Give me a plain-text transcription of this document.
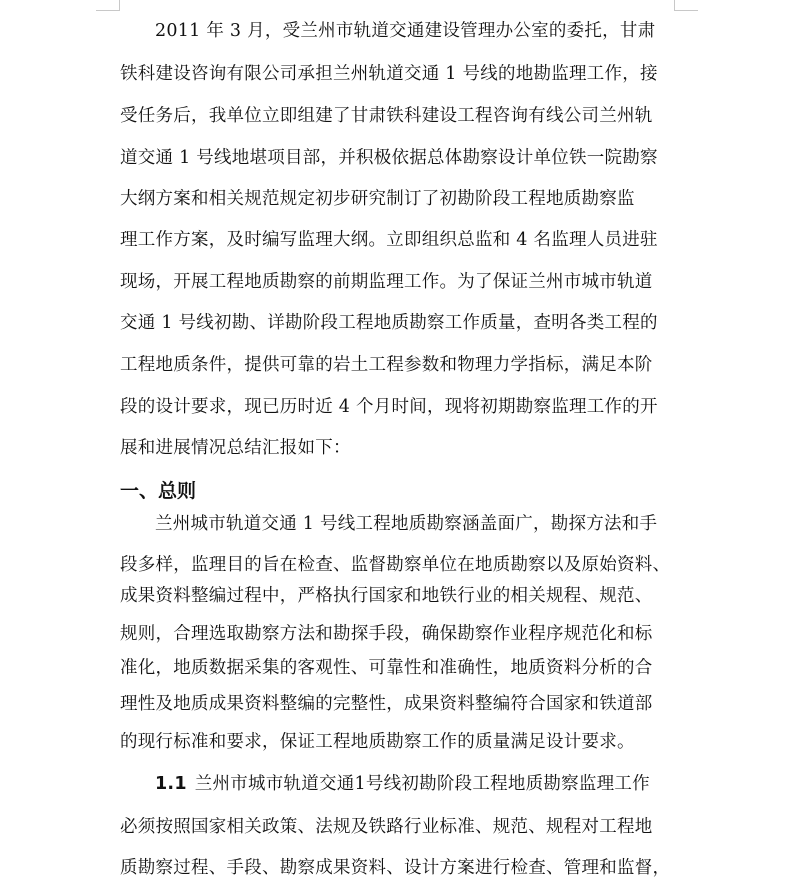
2011 年 3 月，受兰州市轨道交通建设管理办公室的委托，甘肃
铁科建设咨询有限公司承担兰州轨道交通 1 号线的地勘监理工作，接
受任务后，我单位立即组建了甘肃铁科建设工程咨询有线公司兰州轨
道交通 1 号线地堪项目部，并积极依据总体勘察设计单位铁一院勘察
大纲方案和相关规范规定初步研究制订了初勘阶段工程地质勘察监
理工作方案，及时编写监理大纲。立即组织总监和 4 名监理人员进驻
现场，开展工程地质勘察的前期监理工作。为了保证兰州市城市轨道
交通 1 号线初勘、详勘阶段工程地质勘察工作质量，查明各类工程的
工程地质条件，提供可靠的岩土工程参数和物理力学指标，满足本阶
段的设计要求，现已历时近 4 个月时间，现将初期勘察监理工作的开
展和进展情况总结汇报如下：
一、总则
兰州城市轨道交通 1 号线工程地质勘察涵盖面广，勘探方法和手
段多样，监理目的旨在检查、监督勘察单位在地质勘察以及原始资料、
成果资料整编过程中，严格执行国家和地铁行业的相关规程、规范、
规则，合理选取勘察方法和勘探手段，确保勘察作业程序规范化和标
准化，地质数据采集的客观性、可靠性和准确性，地质资料分析的合
理性及地质成果资料整编的完整性，成果资料整编符合国家和铁道部
的现行标准和要求，保证工程地质勘察工作的质量满足设计要求。
1.1 兰州市城市轨道交通1号线初勘阶段工程地质勘察监理工作
必须按照国家相关政策、法规及铁路行业标准、规范、规程对工程地
质勘察过程、手段、勘察成果资料、设计方案进行检查、管理和监督，
